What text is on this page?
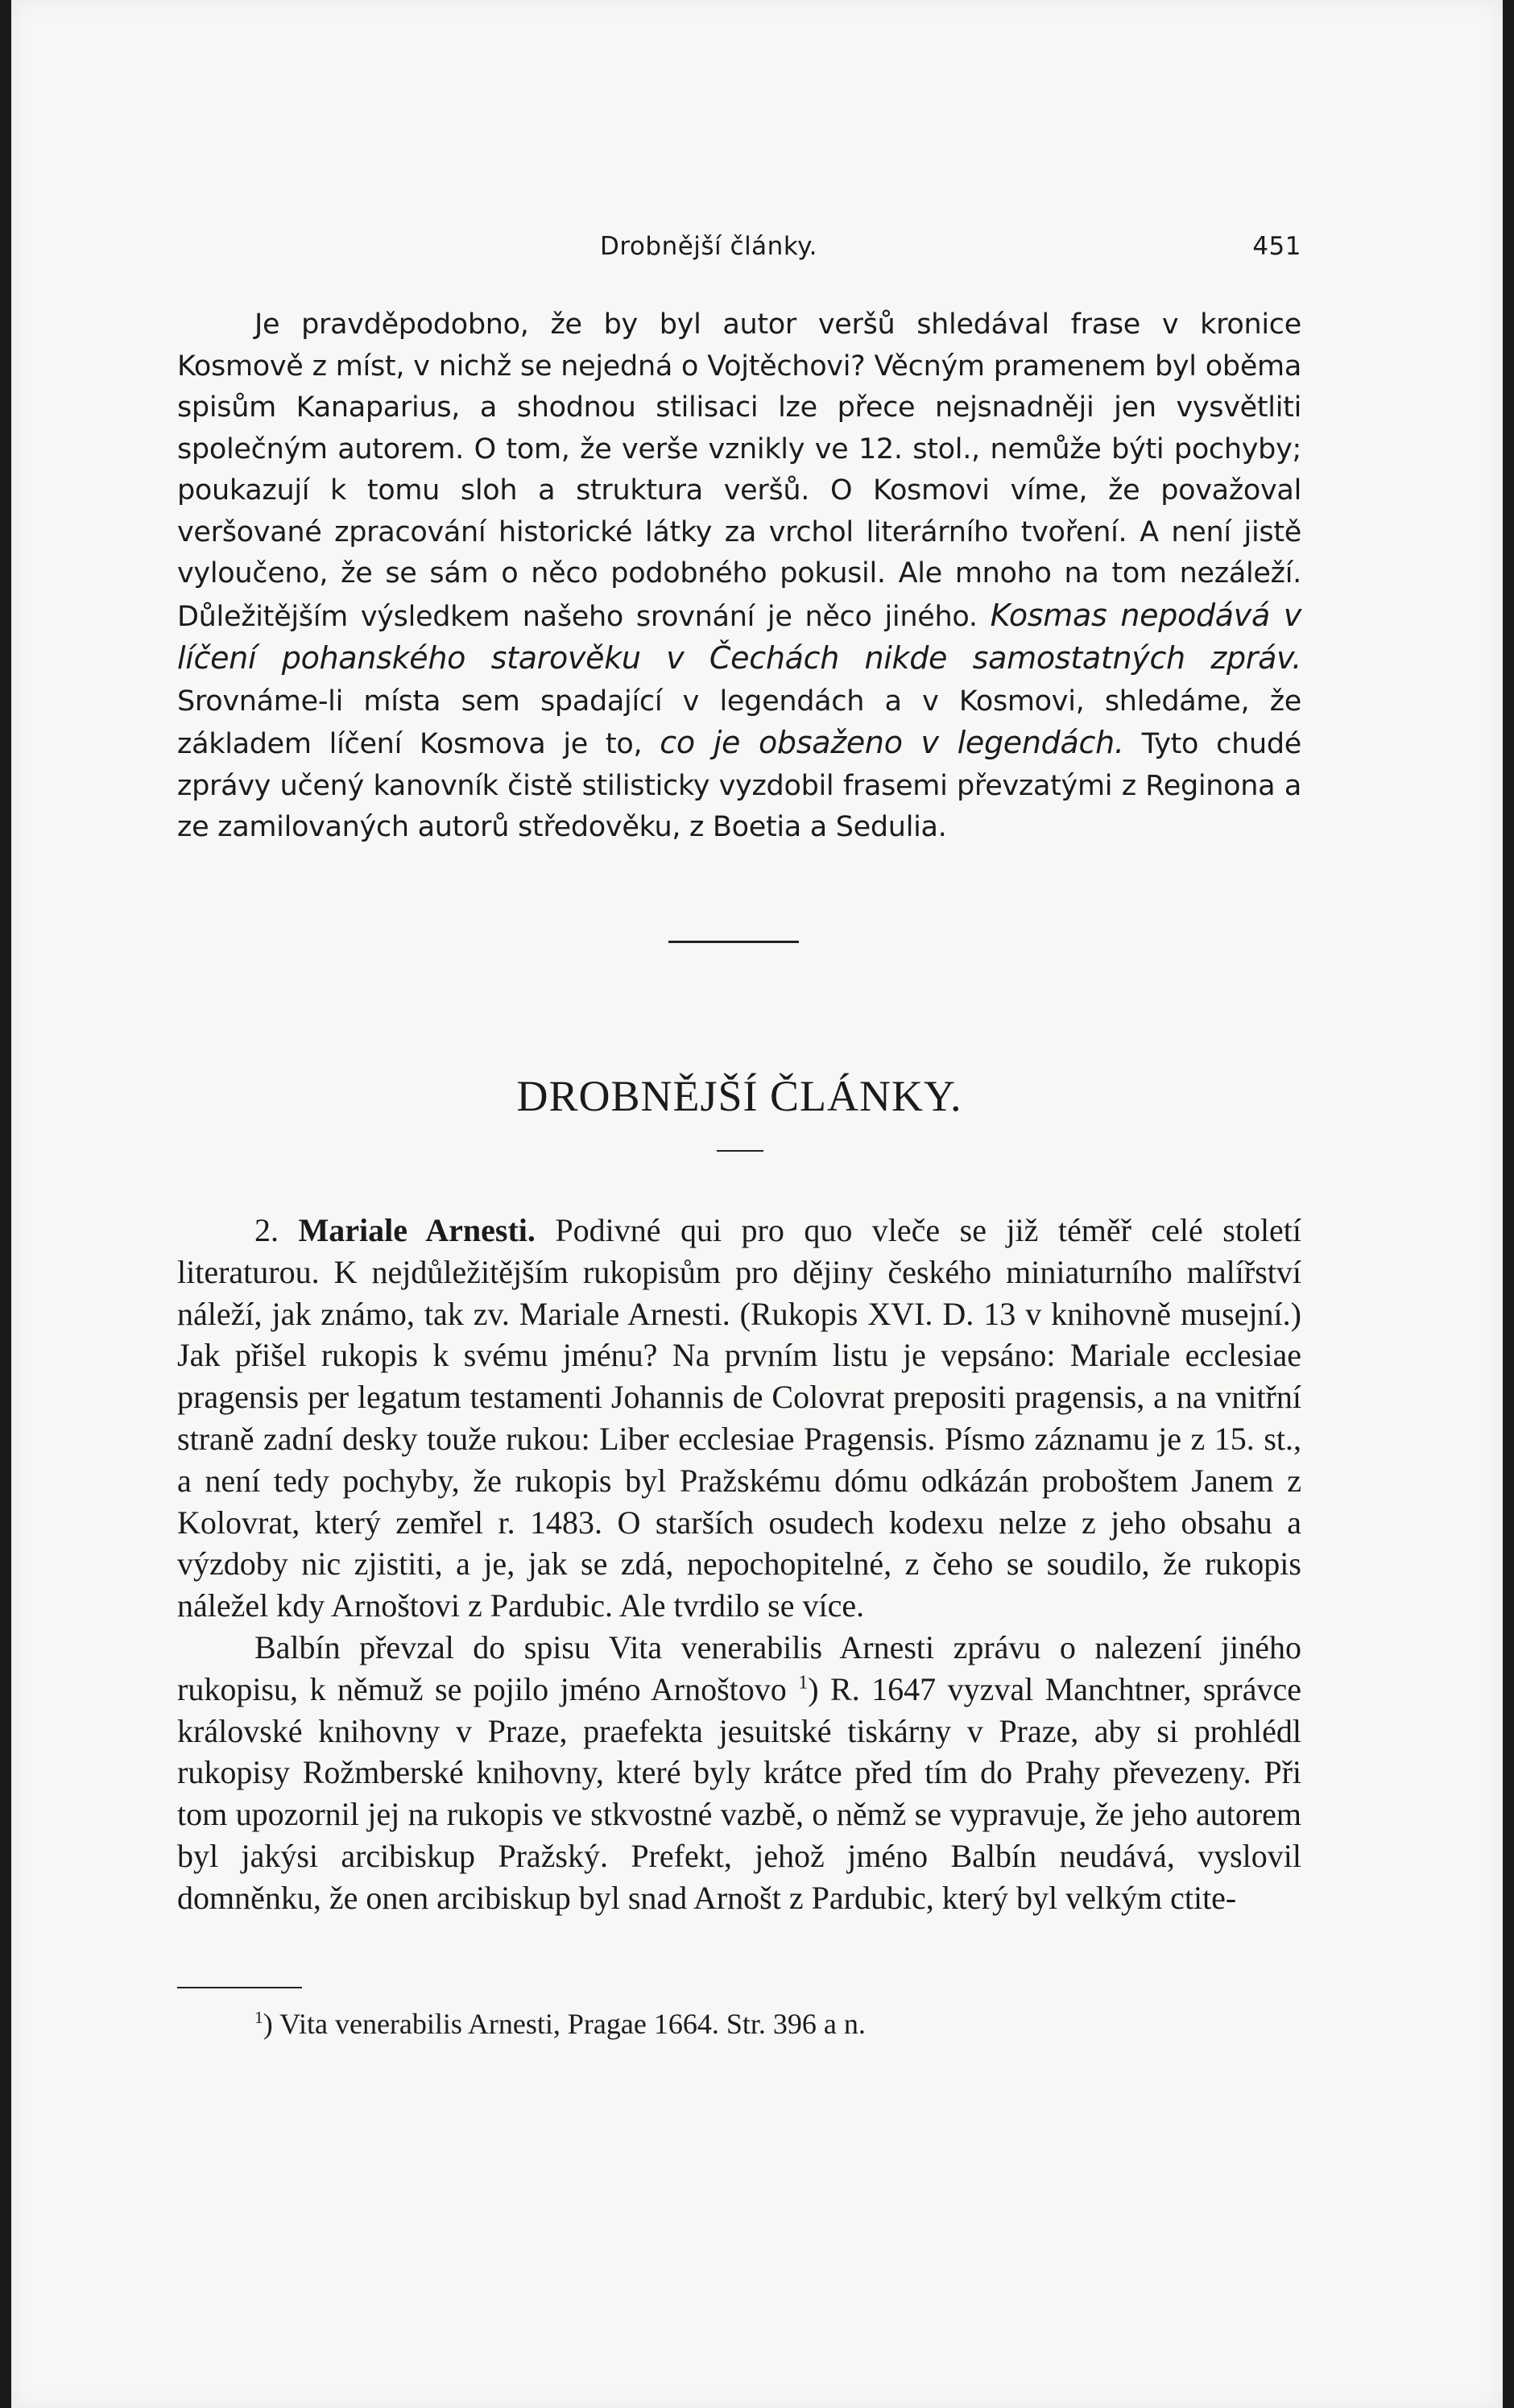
Drobnější články.	451

Je pravděpodobno, že by byl autor veršů shledával frase v kronice Kosmově z míst, v nichž se nejedná o Vojtěchovi? Věcným pramenem byl oběma spisům Kanaparius, a shodnou stilisaci lze přece nejsnadněji jen vysvětliti společným autorem. O tom, že verše vznikly ve 12. stol., nemůže býti pochyby; poukazují k tomu sloh a struktura veršů. O Kosmovi víme, že považoval veršované zpracování historické látky za vrchol literárního tvoření. A není jistě vyloučeno, že se sám o něco podobného pokusil. Ale mnoho na tom nezáleží. Důležitějším výsledkem našeho srovnání je něco jiného. Kosmas nepodává v líčení pohanského starověku v Čechách nikde samostatných zpráv. Srovnáme-li místa sem spadající v legendách a v Kosmovi, shledáme, že základem líčení Kosmova je to, co je obsaženo v legendách. Tyto chudé zprávy učený kanovník čistě stilisticky vyzdobil frasemi převzatými z Reginona a ze zamilovaných autorů středověku, z Boetia a Sedulia.

DROBNĚJŠÍ ČLÁNKY.

2. Mariale Arnesti. Podivné qui pro quo vleče se již téměř celé století literaturou. K nejdůležitějším rukopisům pro dějiny českého miniaturního malířství náleží, jak známo, tak zv. Mariale Arnesti. (Rukopis XVI. D. 13 v knihovně musejní.) Jak přišel rukopis k svému jménu? Na prvním listu je vepsáno: Mariale ecclesiae pragensis per legatum testamenti Johannis de Colovrat prepositi pragensis, a na vnitřní straně zadní desky touže rukou: Liber ecclesiae Pragensis. Písmo záznamu je z 15. st., a není tedy pochyby, že rukopis byl Pražskému dómu odkázán proboštem Janem z Kolovrat, který zemřel r. 1483. O starších osudech kodexu nelze z jeho obsahu a výzdoby nic zjistiti, a je, jak se zdá, nepochopitelné, z čeho se soudilo, že rukopis náležel kdy Arnoštovi z Pardubic. Ale tvrdilo se více.

Balbín převzal do spisu Vita venerabilis Arnesti zprávu o nalezení jiného rukopisu, k němuž se pojilo jméno Arnoštovo $^1$) R. 1647 vyzval Manchtner, správce královské knihovny v Praze, praefekta jesuitské tiskárny v Praze, aby si prohlédl rukopisy Rožmberské knihovny, které byly krátce před tím do Prahy převezeny. Při tom upozornil jej na rukopis ve stkvostné vazbě, o němž se vypravuje, že jeho autorem byl jakýsi arcibiskup Pražský. Prefekt, jehož jméno Balbín neudává, vyslovil domněnku, že onen arcibiskup byl snad Arnošt z Pardubic, který byl velkým ctite-

$^1$) Vita venerabilis Arnesti, Pragae 1664. Str. 396 a n.
